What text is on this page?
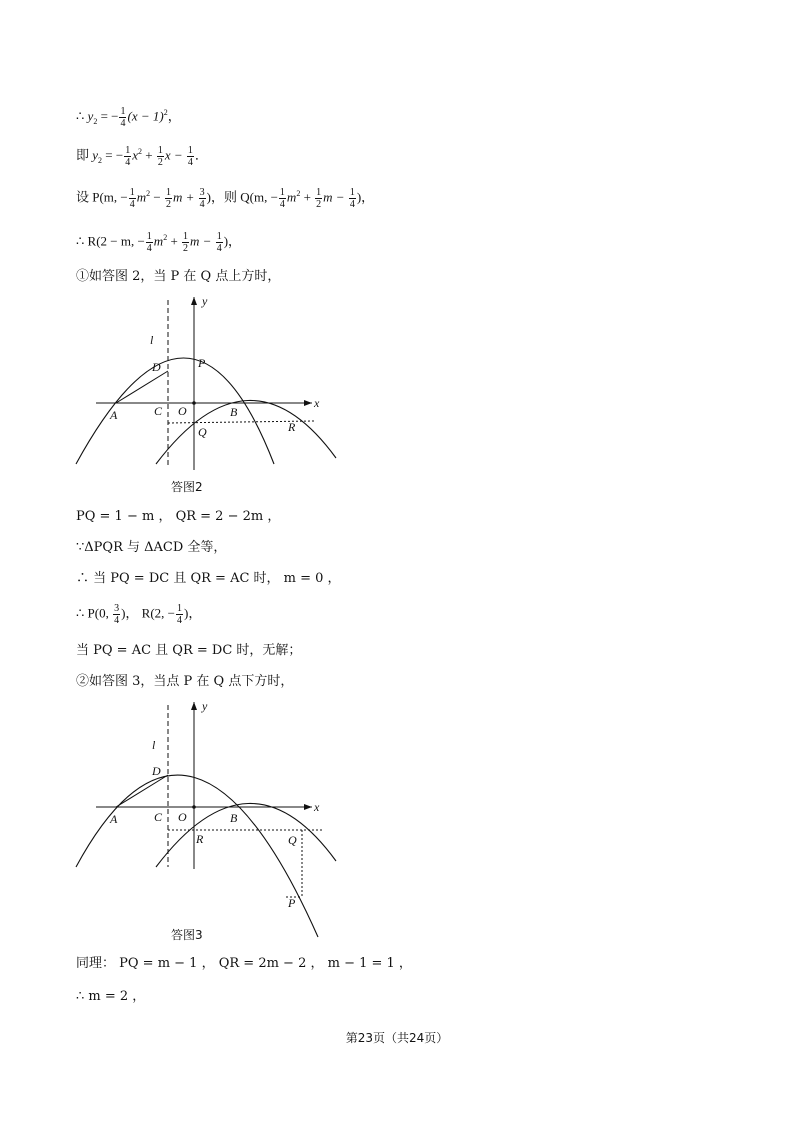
∴ $y_2$ = − $\frac{1}{4} (x - 1)^2$，
即 $y_2$ = − $\frac{1}{4} x^2 + \frac{1}{2}$ $x - \frac{1}{4}$ ．
设 P(m, − $\frac{1}{4} m^2 - \frac{1}{2}$ $m + \frac{3}{4}$ )，则 Q(m, − $\frac{1}{4} m^2 + \frac{1}{2}$ $m - \frac{1}{4}$ )，
∴ R(2 − m, − $\frac{1}{4} m^2 + \frac{1}{2}$ $m - \frac{1}{4}$ )，
①如答图 2，当 P 在 Q 点上方时，
l
y
x
D	P
A	C O	B
Q	R
答图2
PQ = 1 − m ， QR = 2 − 2m ，
∵ΔPQR 与 ΔACD 全等，
∴ 当 PQ = DC 且 QR = AC 时， m = 0 ，
∴ P(0, $\frac{3}{4}$ )， R(2, − $\frac{1}{4}$ )，
当 PQ = AC 且 QR = DC 时，无解；
②如答图 3，当点 P 在 Q 点下方时，
l
y
x
D
A	C O	B
R	Q
P
答图3
同理： PQ = m − 1 ， QR = 2m − 2 ， m − 1 = 1 ，
∴ m = 2 ，
第23页（共24页）
